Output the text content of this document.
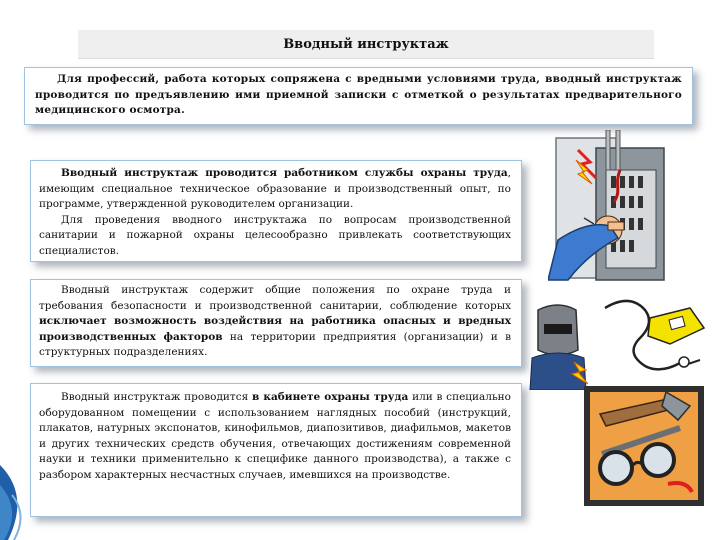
Вводный инструктаж

Для профессий, работа которых сопряжена с вредными условиями труда, вводный инструктаж проводится по предъявлению ими приемной записки с отметкой о результатах предварительного медицинского осмотра.

Вводный инструктаж проводится работником службы охраны труда, имеющим специальное техническое образование и производственный опыт, по программе, утвержденной руководителем организации.

Для проведения вводного инструктажа по вопросам производственной санитарии и пожарной охраны целесообразно привлекать соответствующих специалистов.

Вводный инструктаж содержит общие положения по охране труда и требования безопасности и производственной санитарии, соблюдение которых исключает возможность воздействия на работника опасных и вредных производственных факторов на территории предприятия (организации) и в структурных подразделениях.

Вводный инструктаж проводится в кабинете охраны труда или в специально оборудованном помещении с использованием наглядных пособий (инструкций, плакатов, натурных экспонатов, кинофильмов, диапозитивов, диафильмов, макетов и других технических средств обучения, отвечающих достижениям современной науки и техники применительно к специфике данного производства), а также с разбором характерных несчастных случаев, имевшихся на производстве.
